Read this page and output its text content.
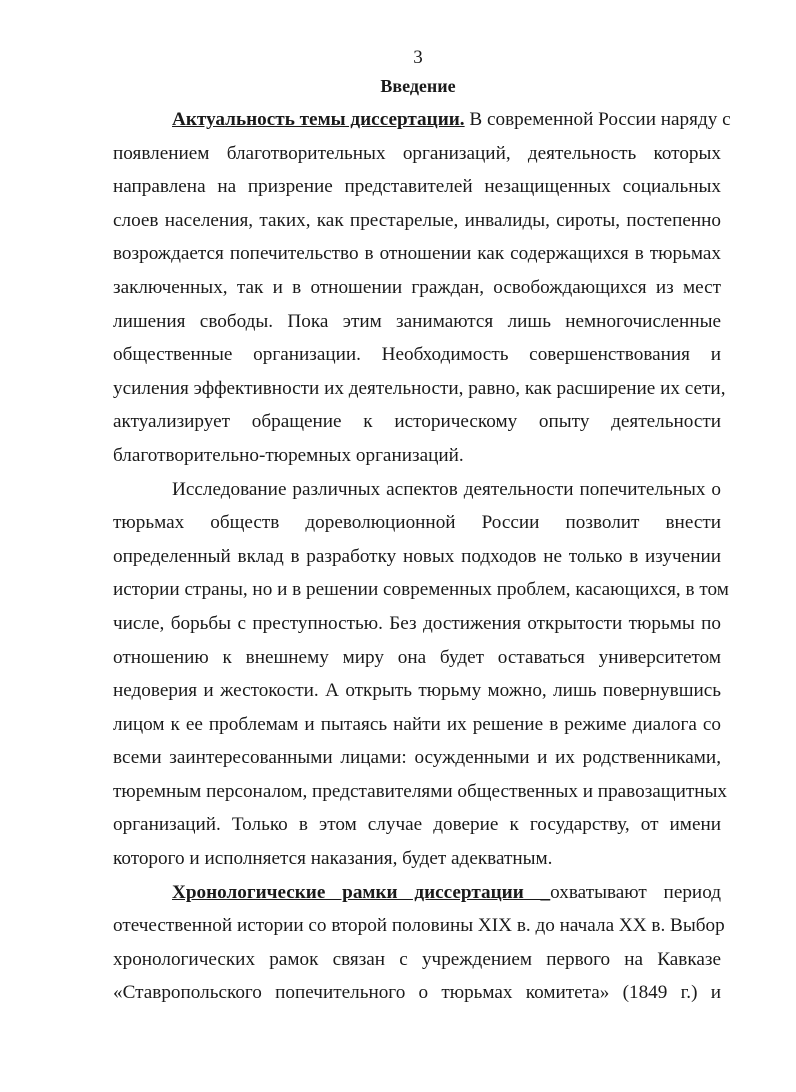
3
Введение
Актуальность темы диссертации. В современной России наряду с
появлением благотворительных организаций, деятельность которых
направлена на призрение представителей незащищенных социальных
слоев населения, таких, как престарелые, инвалиды, сироты, постепенно
возрождается попечительство в отношении как содержащихся в тюрьмах
заключенных, так и в отношении граждан, освобождающихся из мест
лишения свободы. Пока этим занимаются лишь немногочисленные
общественные организации. Необходимость совершенствования и
усиления эффективности их деятельности, равно, как расширение их сети,
актуализирует обращение к историческому опыту деятельности
благотворительно-тюремных организаций.
Исследование различных аспектов деятельности попечительных о
тюрьмах обществ дореволюционной России позволит внести
определенный вклад в разработку новых подходов не только в изучении
истории страны, но и в решении современных проблем, касающихся, в том
числе, борьбы с преступностью. Без достижения открытости тюрьмы по
отношению к внешнему миру она будет оставаться университетом
недоверия и жестокости. А открыть тюрьму можно, лишь повернувшись
лицом к ее проблемам и пытаясь найти их решение в режиме диалога со
всеми заинтересованными лицами: осужденными и их родственниками,
тюремным персоналом, представителями общественных и правозащитных
организаций. Только в этом случае доверие к государству, от имени
которого и исполняется наказания, будет адекватным.
Хронологические рамки диссертации _охватывают период
отечественной истории со второй половины XIX в. до начала XX в. Выбор
хронологических рамок связан с учреждением первого на Кавказе
«Ставропольского попечительного о тюрьмах комитета» (1849 г.) и
